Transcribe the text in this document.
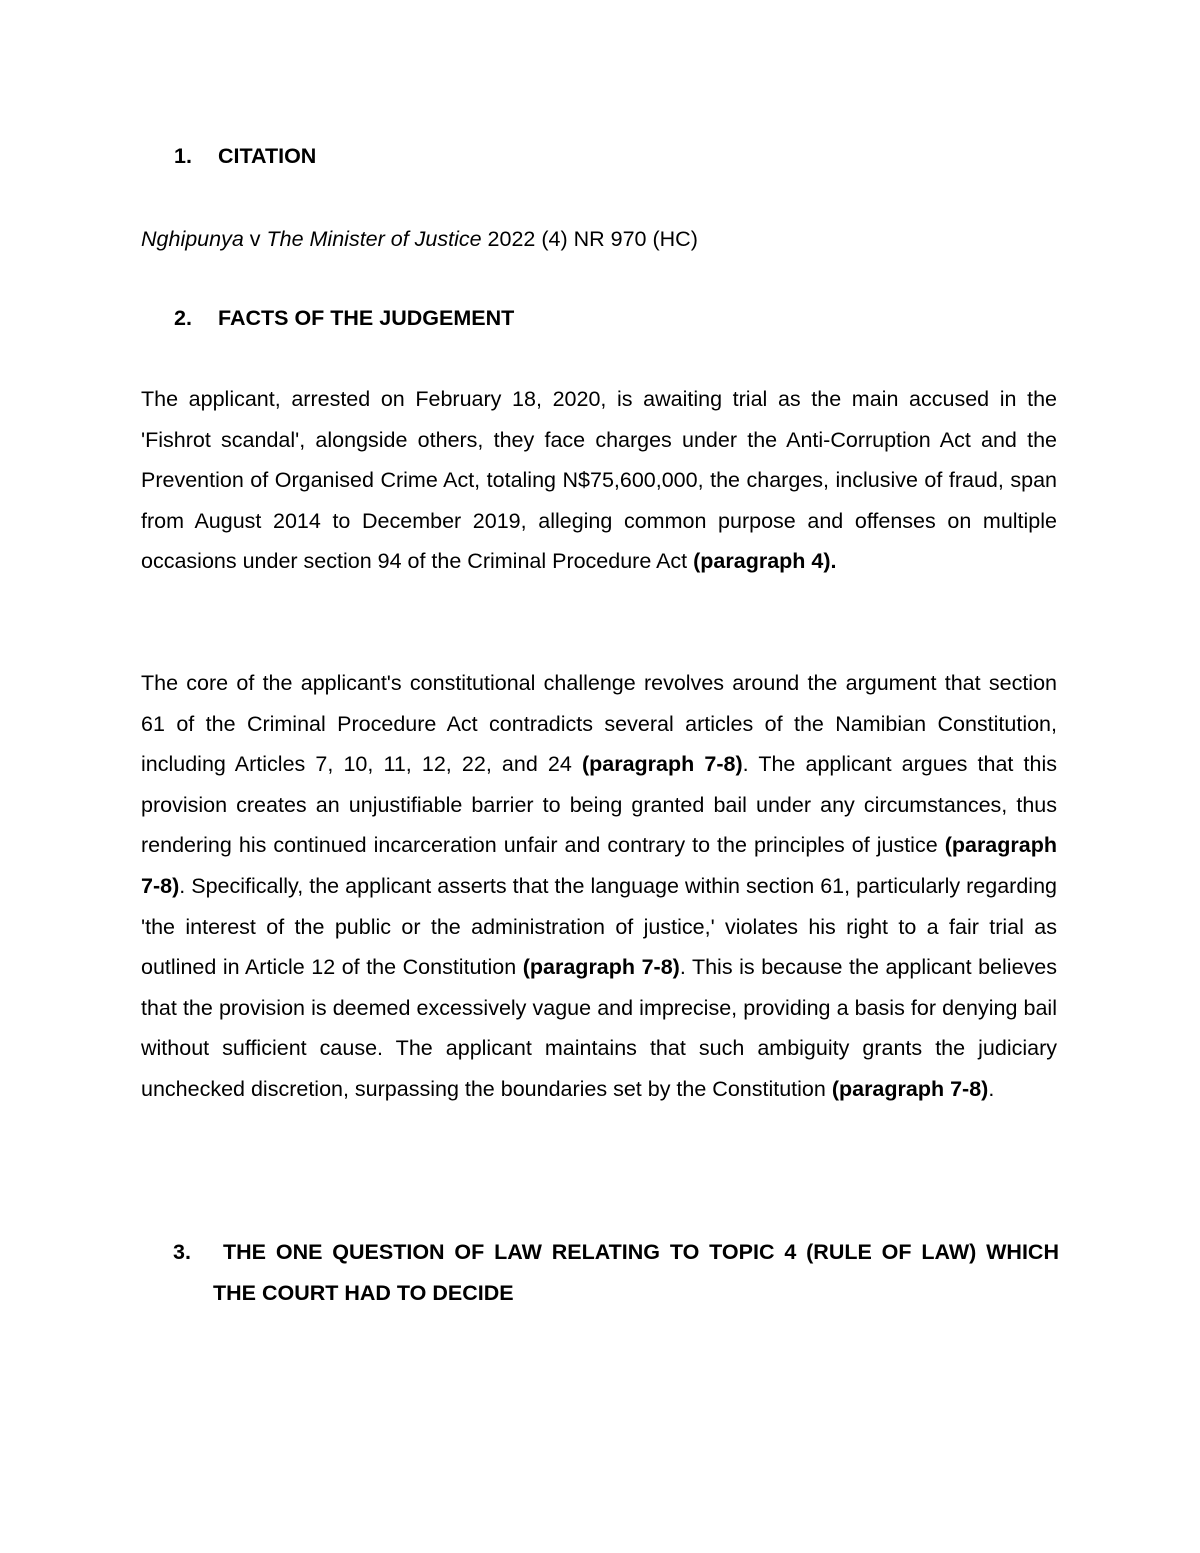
1. CITATION
Nghipunya v The Minister of Justice 2022 (4) NR 970 (HC)
2. FACTS OF THE JUDGEMENT

The applicant, arrested on February 18, 2020, is awaiting trial as the main accused in the 'Fishrot scandal', alongside others, they face charges under the Anti-Corruption Act and the Prevention of Organised Crime Act, totaling N$75,600,000, the charges, inclusive of fraud, span from August 2014 to December 2019, alleging common purpose and offenses on multiple occasions under section 94 of the Criminal Procedure Act (paragraph 4).

The core of the applicant's constitutional challenge revolves around the argument that section 61 of the Criminal Procedure Act contradicts several articles of the Namibian Constitution, including Articles 7, 10, 11, 12, 22, and 24 (paragraph 7-8). The applicant argues that this provision creates an unjustifiable barrier to being granted bail under any circumstances, thus rendering his continued incarceration unfair and contrary to the principles of justice (paragraph 7-8). Specifically, the applicant asserts that the language within section 61, particularly regarding 'the interest of the public or the administration of justice,' violates his right to a fair trial as outlined in Article 12 of the Constitution (paragraph 7-8). This is because the applicant believes that the provision is deemed excessively vague and imprecise, providing a basis for denying bail without sufficient cause. The applicant maintains that such ambiguity grants the judiciary unchecked discretion, surpassing the boundaries set by the Constitution (paragraph 7-8).

3.	THE ONE QUESTION OF LAW RELATING TO TOPIC 4 (RULE OF LAW) WHICH THE COURT HAD TO DECIDE
